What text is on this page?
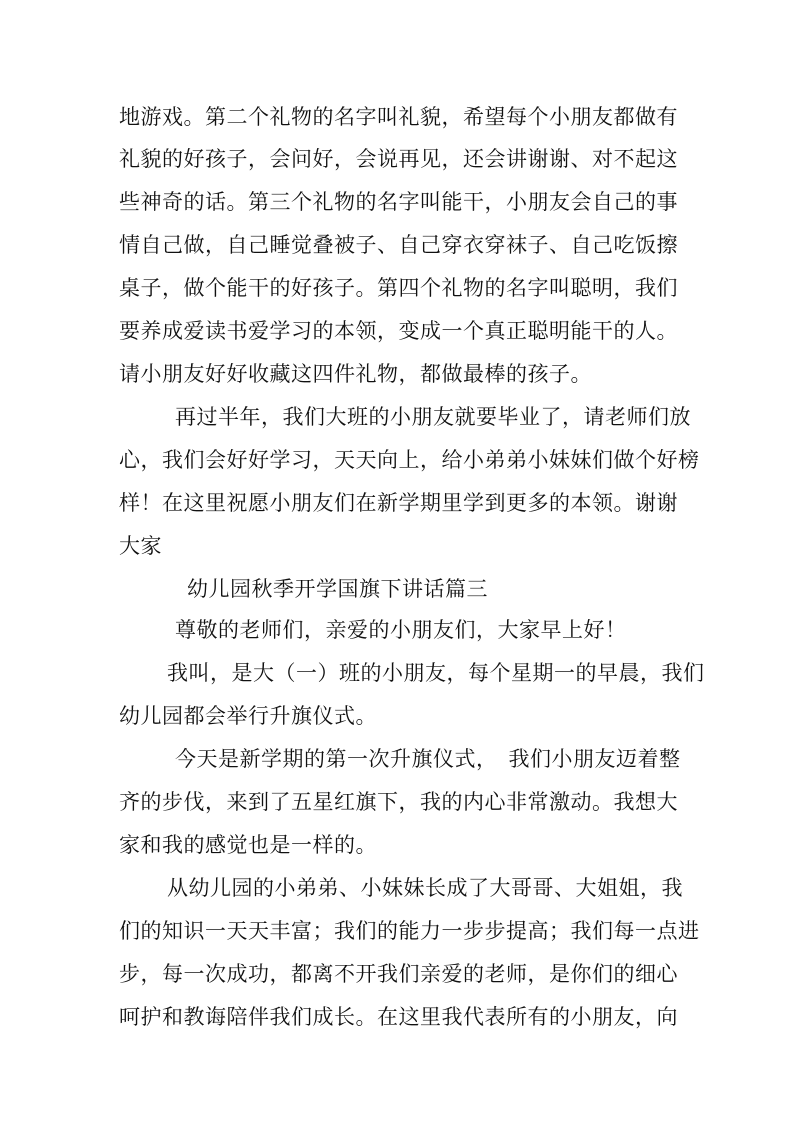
地游戏。第二个礼物的名字叫礼貌，希望每个小朋友都做有
礼貌的好孩子，会问好，会说再见，还会讲谢谢、对不起这
些神奇的话。第三个礼物的名字叫能干，小朋友会自己的事
情自己做，自己睡觉叠被子、自己穿衣穿袜子、自己吃饭擦
桌子，做个能干的好孩子。第四个礼物的名字叫聪明，我们
要养成爱读书爱学习的本领，变成一个真正聪明能干的人。
请小朋友好好收藏这四件礼物，都做最棒的孩子。
再过半年，我们大班的小朋友就要毕业了，请老师们放
心，我们会好好学习，天天向上，给小弟弟小妹妹们做个好榜
样！在这里祝愿小朋友们在新学期里学到更多的本领。谢谢
大家
幼儿园秋季开学国旗下讲话篇三
尊敬的老师们，亲爱的小朋友们，大家早上好！
我叫，是大（一）班的小朋友，每个星期一的早晨，我们
幼儿园都会举行升旗仪式。
今天是新学期的第一次升旗仪式，　我们小朋友迈着整
齐的步伐，来到了五星红旗下，我的内心非常激动。我想大
家和我的感觉也是一样的。
从幼儿园的小弟弟、小妹妹长成了大哥哥、大姐姐，我
们的知识一天天丰富；我们的能力一步步提高；我们每一点进
步，每一次成功，都离不开我们亲爱的老师，是你们的细心
呵护和教诲陪伴我们成长。在这里我代表所有的小朋友，向
